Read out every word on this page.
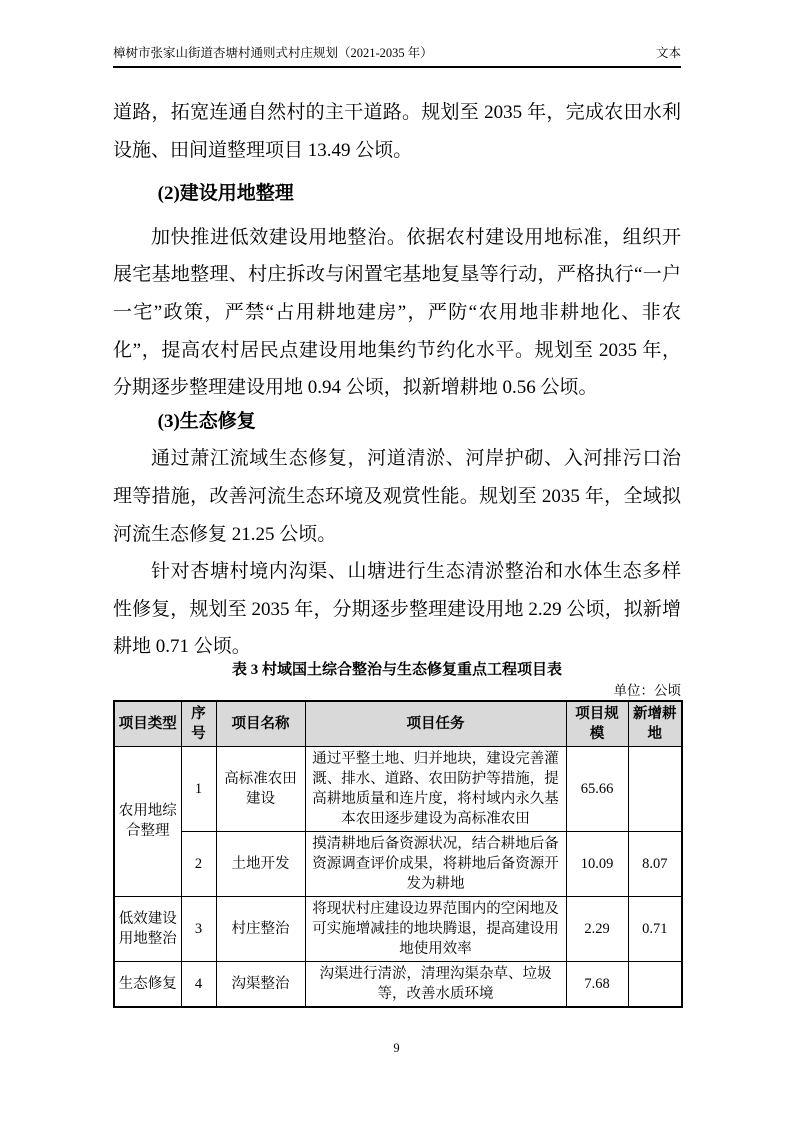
樟树市张家山街道杏塘村通则式村庄规划（2021-2035 年）	文本

道路，拓宽连通自然村的主干道路。规划至 2035 年，完成农田水利设施、田间道整理项目 13.49 公顷。

(2)建设用地整理

加快推进低效建设用地整治。依据农村建设用地标准，组织开展宅基地整理、村庄拆改与闲置宅基地复垦等行动，严格执行“一户一宅”政策，严禁“占用耕地建房”，严防“农用地非耕地化、非农化”，提高农村居民点建设用地集约节约化水平。规划至 2035 年，分期逐步整理建设用地 0.94 公顷，拟新增耕地 0.56 公顷。

(3)生态修复

通过萧江流域生态修复，河道清淤、河岸护砌、入河排污口治理等措施，改善河流生态环境及观赏性能。规划至 2035 年，全域拟河流生态修复 21.25 公顷。

针对杏塘村境内沟渠、山塘进行生态清淤整治和水体生态多样性修复，规划至 2035 年，分期逐步整理建设用地 2.29 公顷，拟新增耕地 0.71 公顷。

表 3 村域国土综合整治与生态修复重点工程项目表
单位：公顷
项目类型	序号	项目名称	项目任务	项目规模	新增耕地
农用地综合整理	1	高标准农田建设	通过平整土地、归并地块，建设完善灌溉、排水、道路、农田防护等措施，提高耕地质量和连片度，将村域内永久基本农田逐步建设为高标准农田	65.66	
	2	土地开发	摸清耕地后备资源状况，结合耕地后备资源调查评价成果，将耕地后备资源开发为耕地	10.09	8.07
低效建设用地整治	3	村庄整治	将现状村庄建设边界范围内的空闲地及可实施增减挂的地块腾退，提高建设用地使用效率	2.29	0.71
生态修复	4	沟渠整治	沟渠进行清淤，清理沟渠杂草、垃圾等，改善水质环境	7.68	
9
